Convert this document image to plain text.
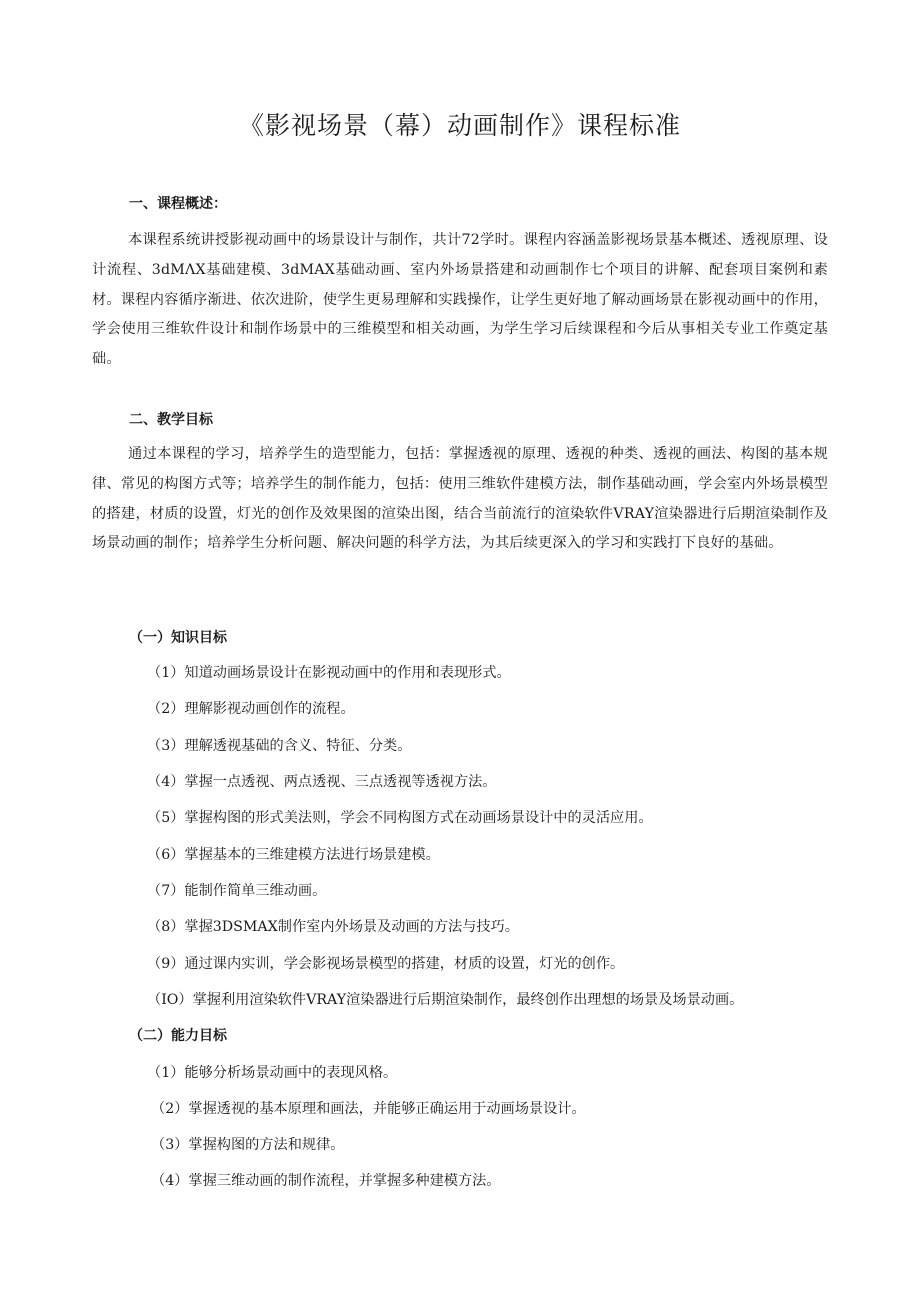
《影视场景（幕）动画制作》课程标准
一、课程概述：

本课程系统讲授影视动画中的场景设计与制作，共计72学时。课程内容涵盖影视场景基本概述、透视原理、设计流程、3dMΛX基础建模、3dMAX基础动画、室内外场景搭建和动画制作七个项目的讲解、配套项目案例和素材。课程内容循序渐进、依次进阶，使学生更易理解和实践操作，让学生更好地了解动画场景在影视动画中的作用，学会使用三维软件设计和制作场景中的三维模型和相关动画，为学生学习后续课程和今后从事相关专业工作奠定基础。

二、教学目标

通过本课程的学习，培养学生的造型能力，包括：掌握透视的原理、透视的种类、透视的画法、构图的基本规律、常见的构图方式等；培养学生的制作能力，包括：使用三维软件建模方法，制作基础动画，学会室内外场景模型的搭建，材质的设置，灯光的创作及效果图的渲染出图，结合当前流行的渲染软件VRAY渲染器进行后期渲染制作及场景动画的制作；培养学生分析问题、解决问题的科学方法，为其后续更深入的学习和实践打下良好的基础。

（一）知识目标

（1）知道动画场景设计在影视动画中的作用和表现形式。

（2）理解影视动画创作的流程。

（3）理解透视基础的含义、特征、分类。

（4）掌握一点透视、两点透视、三点透视等透视方法。

（5）掌握构图的形式美法则，学会不同构图方式在动画场景设计中的灵活应用。

（6）掌握基本的三维建模方法进行场景建模。

（7）能制作简单三维动画。

（8）掌握3DSMAX制作室内外场景及动画的方法与技巧。

（9）通过课内实训，学会影视场景模型的搭建，材质的设置，灯光的创作。

（IO）掌握利用渲染软件VRAY渲染器进行后期渲染制作，最终创作出理想的场景及场景动画。

（二）能力目标

（1）能够分析场景动画中的表现风格。

（2）掌握透视的基本原理和画法，并能够正确运用于动画场景设计。

（3）掌握构图的方法和规律。

（4）掌握三维动画的制作流程，并掌握多种建模方法。
